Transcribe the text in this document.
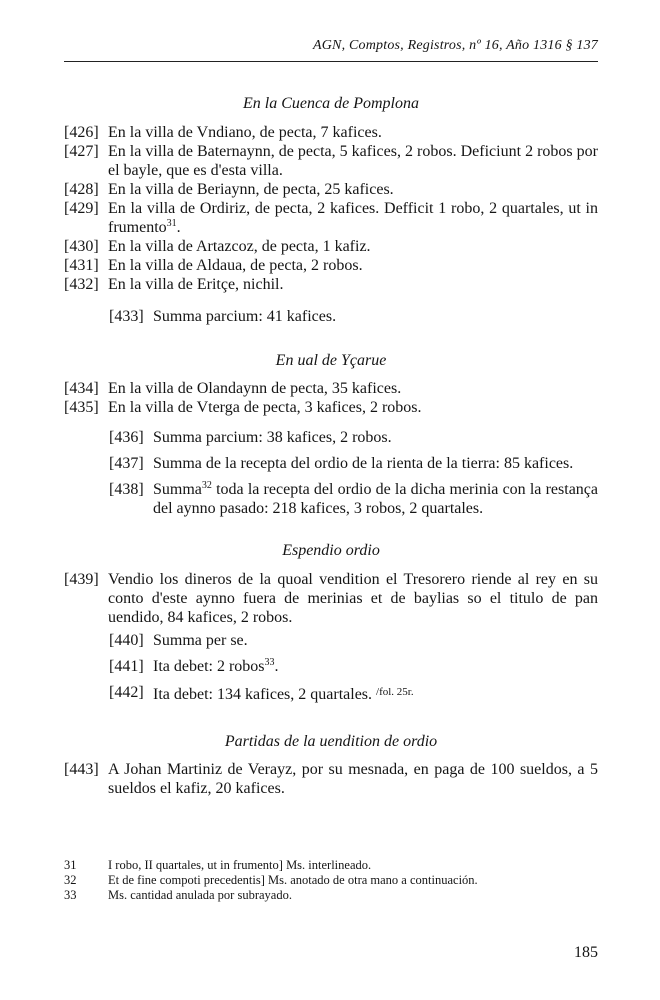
AGN, Comptos, Registros, nº 16, Año 1316 § 137
En la Cuenca de Pomplona
[426] En la villa de Vndiano, de pecta, 7 kafices.
[427] En la villa de Baternaynn, de pecta, 5 kafices, 2 robos. Deficiunt 2 robos por el bayle, que es d'esta villa.
[428] En la villa de Beriaynn, de pecta, 25 kafices.
[429] En la villa de Ordiriz, de pecta, 2 kafices. Defficit 1 robo, 2 quartales, ut in frumento$^{31}$.
[430] En la villa de Artazcoz, de pecta, 1 kafiz.
[431] En la villa de Aldaua, de pecta, 2 robos.
[432] En la villa de Eritçe, nichil.
[433] Summa parcium: 41 kafices.
En ual de Yçarue
[434] En la villa de Olandaynn de pecta, 35 kafices.
[435] En la villa de Vterga de pecta, 3 kafices, 2 robos.
[436] Summa parcium: 38 kafices, 2 robos.
[437] Summa de la recepta del ordio de la rienta de la tierra: 85 kafices.
[438] Summa$^{32}$ toda la recepta del ordio de la dicha merinia con la restança del aynno pasado: 218 kafices, 3 robos, 2 quartales.
Espendio ordio
[439] Vendio los dineros de la quoal vendition el Tresorero riende al rey en su conto d'este aynno fuera de merinias et de baylias so el titulo de pan uendido, 84 kafices, 2 robos.
[440] Summa per se.
[441] Ita debet: 2 robos$^{33}$.
[442] Ita debet: 134 kafices, 2 quartales. $^{/fol. 25r.}$
Partidas de la uendition de ordio
[443] A Johan Martiniz de Verayz, por su mesnada, en paga de 100 sueldos, a 5 sueldos el kafiz, 20 kafices.
31	I robo, II quartales, ut in frumento] Ms. interlineado.
32	Et de fine compoti precedentis] Ms. anotado de otra mano a continuación.
33	Ms. cantidad anulada por subrayado.
185
